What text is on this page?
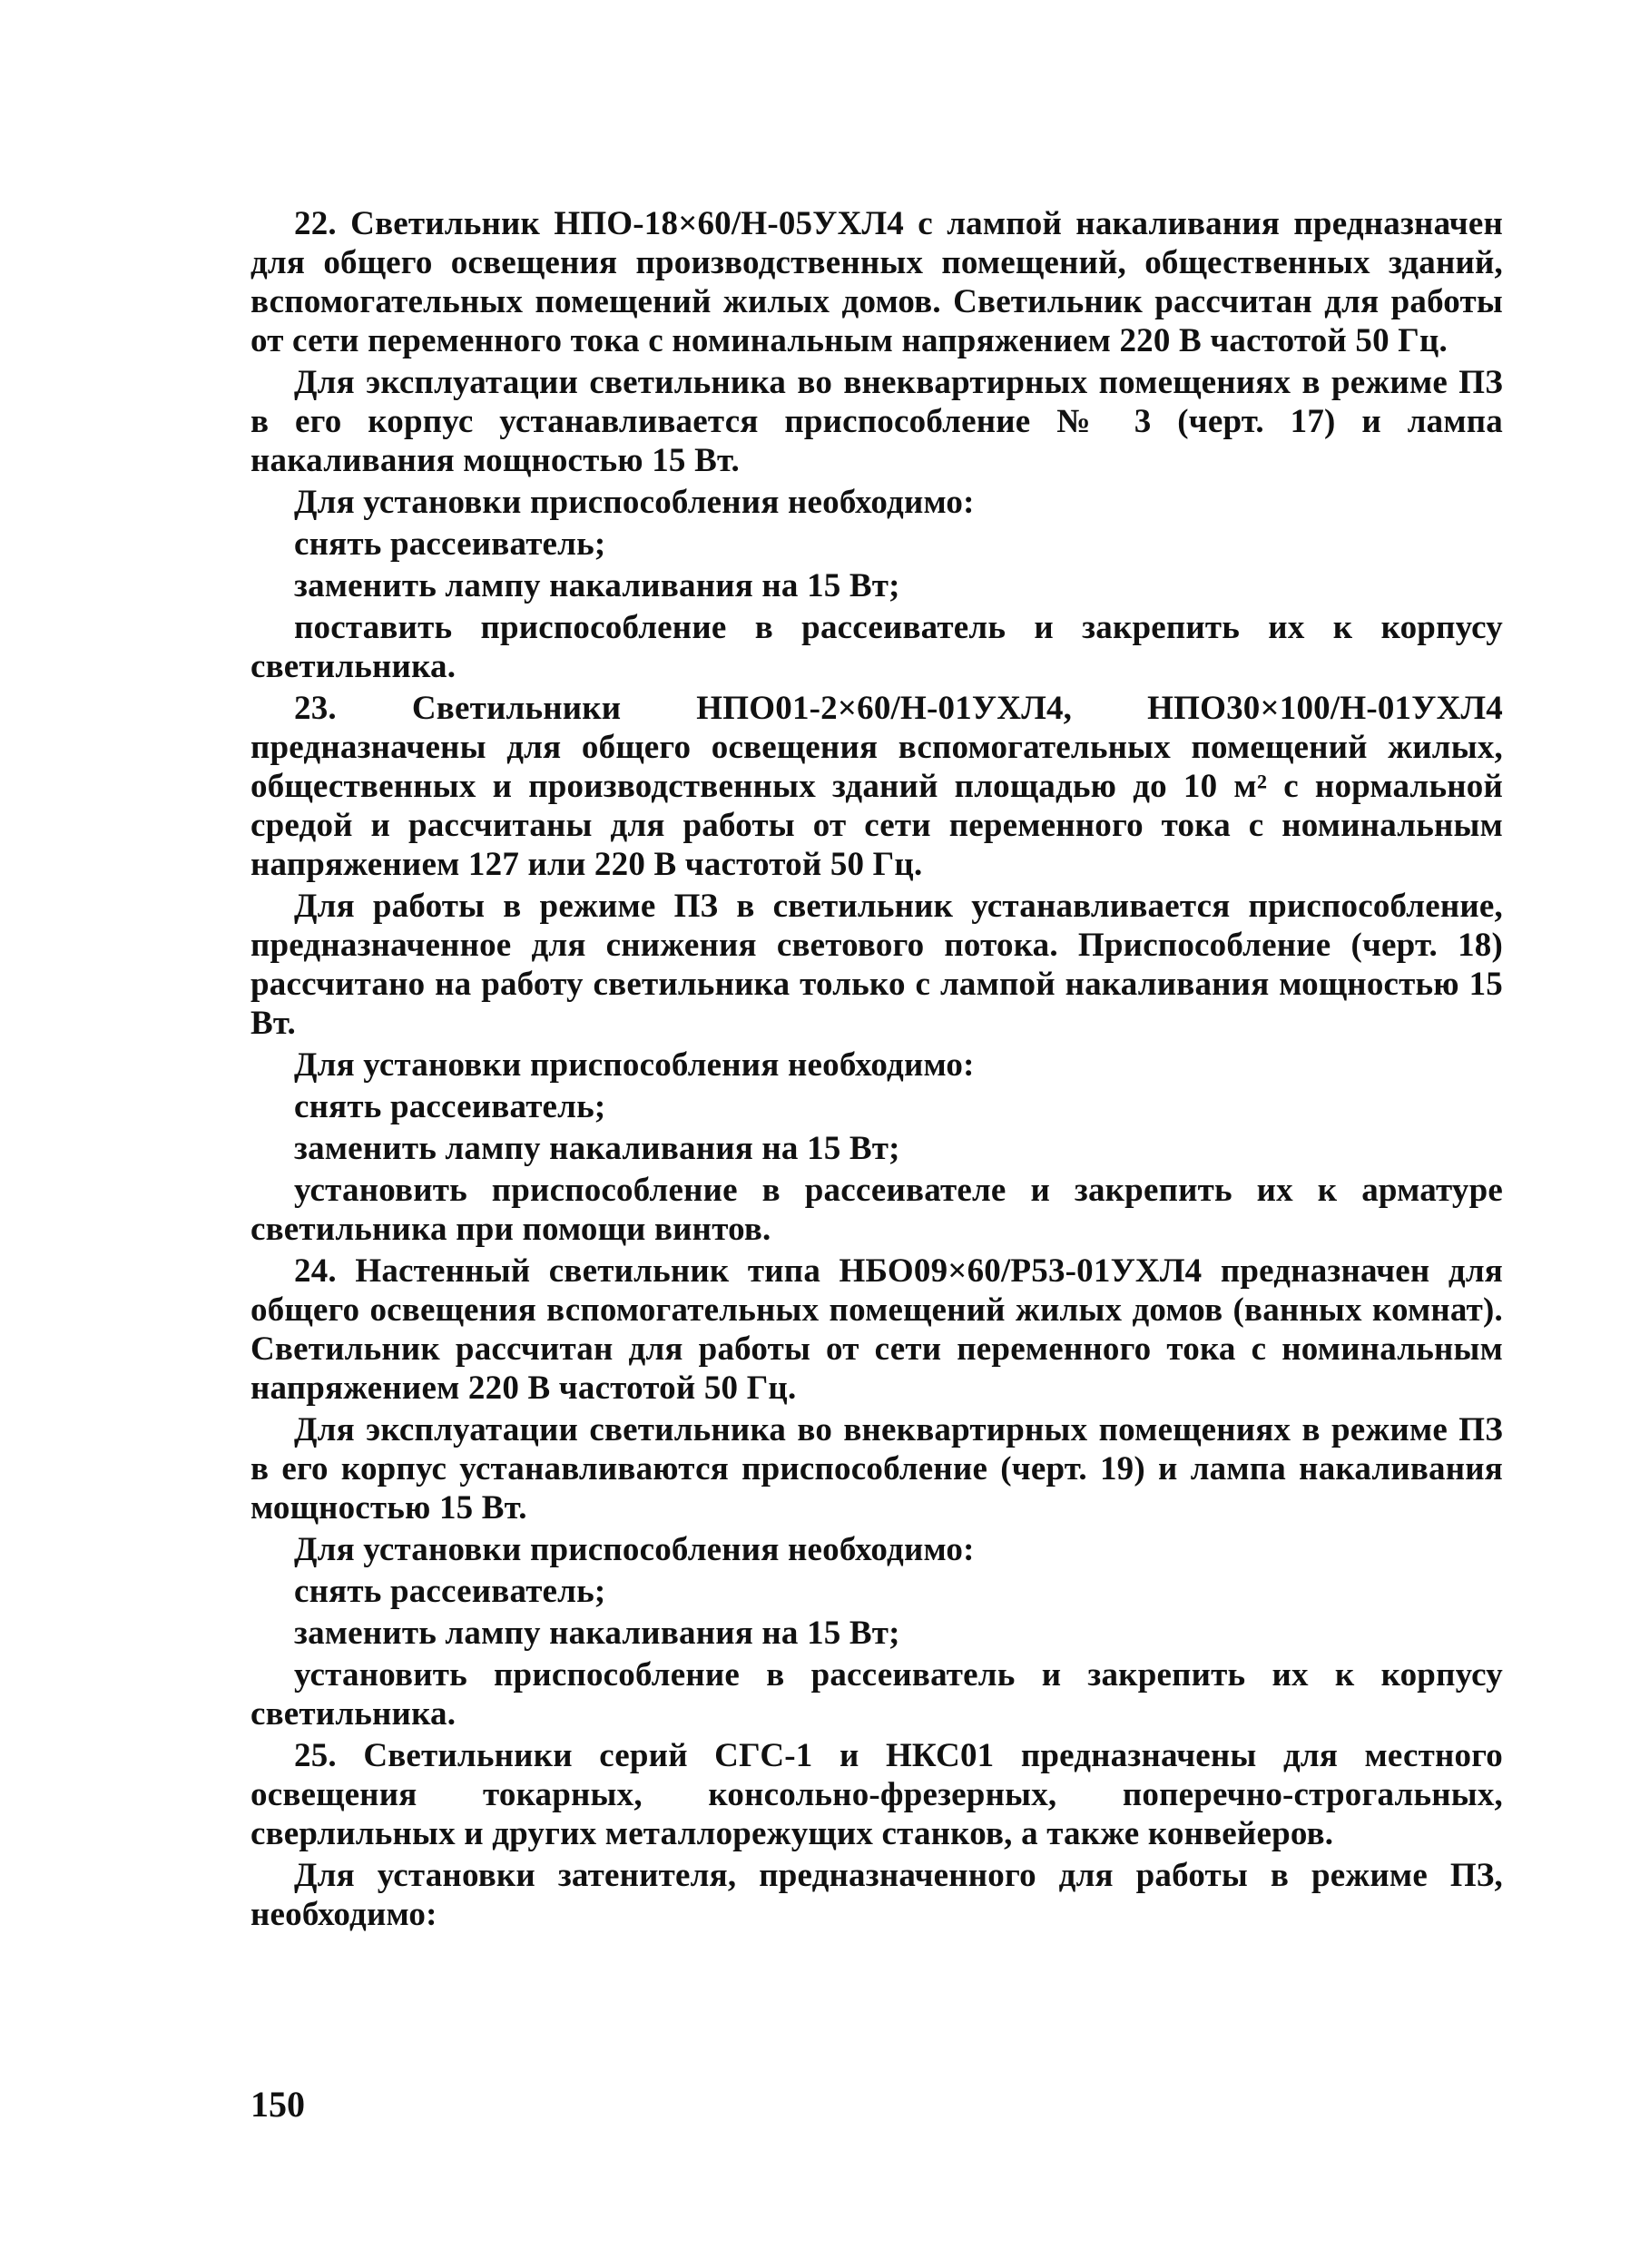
22. Светильник НПО-18×60/Н-05УХЛ4 с лампой накаливания предназначен для общего освещения производственных помещений, общественных зданий, вспомогательных помещений жилых домов. Светильник рассчитан для работы от сети переменного тока с номинальным напряжением 220 В частотой 50 Гц.

Для эксплуатации светильника во внеквартирных помещениях в режиме ПЗ в его корпус устанавливается приспособление № 3 (черт. 17) и лампа накаливания мощностью 15 Вт.

Для установки приспособления необходимо:

снять рассеиватель;

заменить лампу накаливания на 15 Вт;

поставить приспособление в рассеиватель и закрепить их к корпусу светильника.

23. Светильники НПО01-2×60/Н-01УХЛ4, НПО30×100/Н-01УХЛ4 предназначены для общего освещения вспомогательных помещений жилых, общественных и производственных зданий площадью до 10 м² с нормальной средой и рассчитаны для работы от сети переменного тока с номинальным напряжением 127 или 220 В частотой 50 Гц.

Для работы в режиме ПЗ в светильник устанавливается приспособление, предназначенное для снижения светового потока. Приспособление (черт. 18) рассчитано на работу светильника только с лампой накаливания мощностью 15 Вт.

Для установки приспособления необходимо:

снять рассеиватель;

заменить лампу накаливания на 15 Вт;

установить приспособление в рассеивателе и закрепить их к арматуре светильника при помощи винтов.

24. Настенный светильник типа НБО09×60/Р53-01УХЛ4 предназначен для общего освещения вспомогательных помещений жилых домов (ванных комнат). Светильник рассчитан для работы от сети переменного тока с номинальным напряжением 220 В частотой 50 Гц.

Для эксплуатации светильника во внеквартирных помещениях в режиме ПЗ в его корпус устанавливаются приспособление (черт. 19) и лампа накаливания мощностью 15 Вт.

Для установки приспособления необходимо:

снять рассеиватель;

заменить лампу накаливания на 15 Вт;

установить приспособление в рассеиватель и закрепить их к корпусу светильника.

25. Светильники серий СГС-1 и НКС01 предназначены для местного освещения токарных, консольно-фрезерных, поперечно-строгальных, сверлильных и других металлорежущих станков, а также конвейеров.

Для установки затенителя, предназначенного для работы в режиме ПЗ, необходимо:

150
